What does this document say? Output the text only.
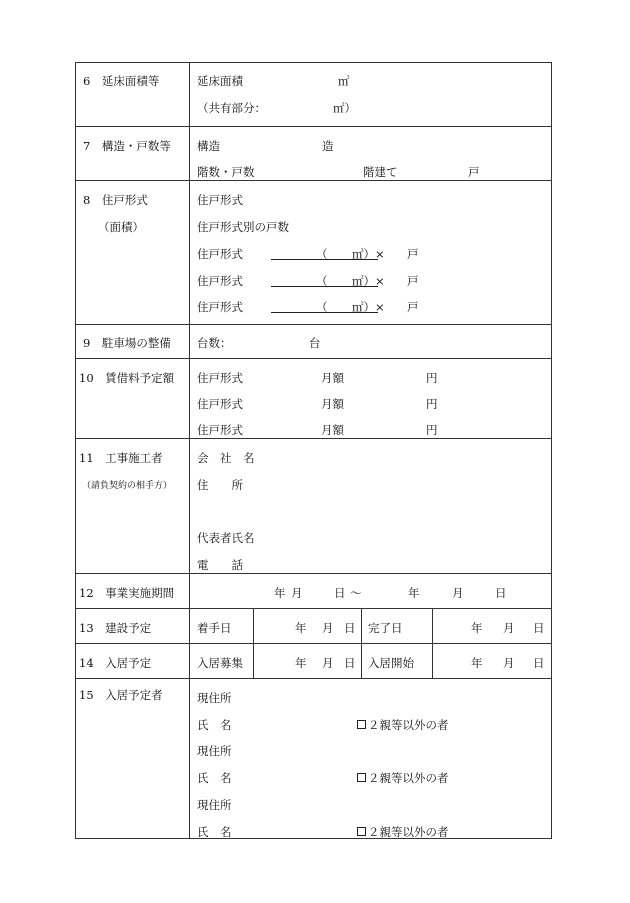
6　延床面積等	延床面積	㎡
（共有部分：	㎡）
7　構造・戸数等 構造	造
階数・戸数	階建て	戸
8　住戸形式
（面積）
住戸形式
住戸形式別の戸数
住戸形式	（ ㎡）× 戸
住戸形式	（ ㎡）× 戸
住戸形式	（ ㎡）× 戸
9　駐車場の整備 台数：	台
10　賃借料予定額 住戸形式	月額	円
住戸形式	月額	円
住戸形式	月額	円
11　工事施工者
（請負契約の相手方）
会　社　名
住　　所
代表者氏名
電　　話
12　事業実施期間	年 月	日 ～	年	月	日
13　建設予定	着手日	年 月 日 完了日	年 月 日
14　入居予定	入居募集	年 月 日 入居開始	年 月 日
15　入居予定者	現住所
氏　名	２親等以外の者
現住所
氏　名	２親等以外の者
現住所
氏　名	２親等以外の者
